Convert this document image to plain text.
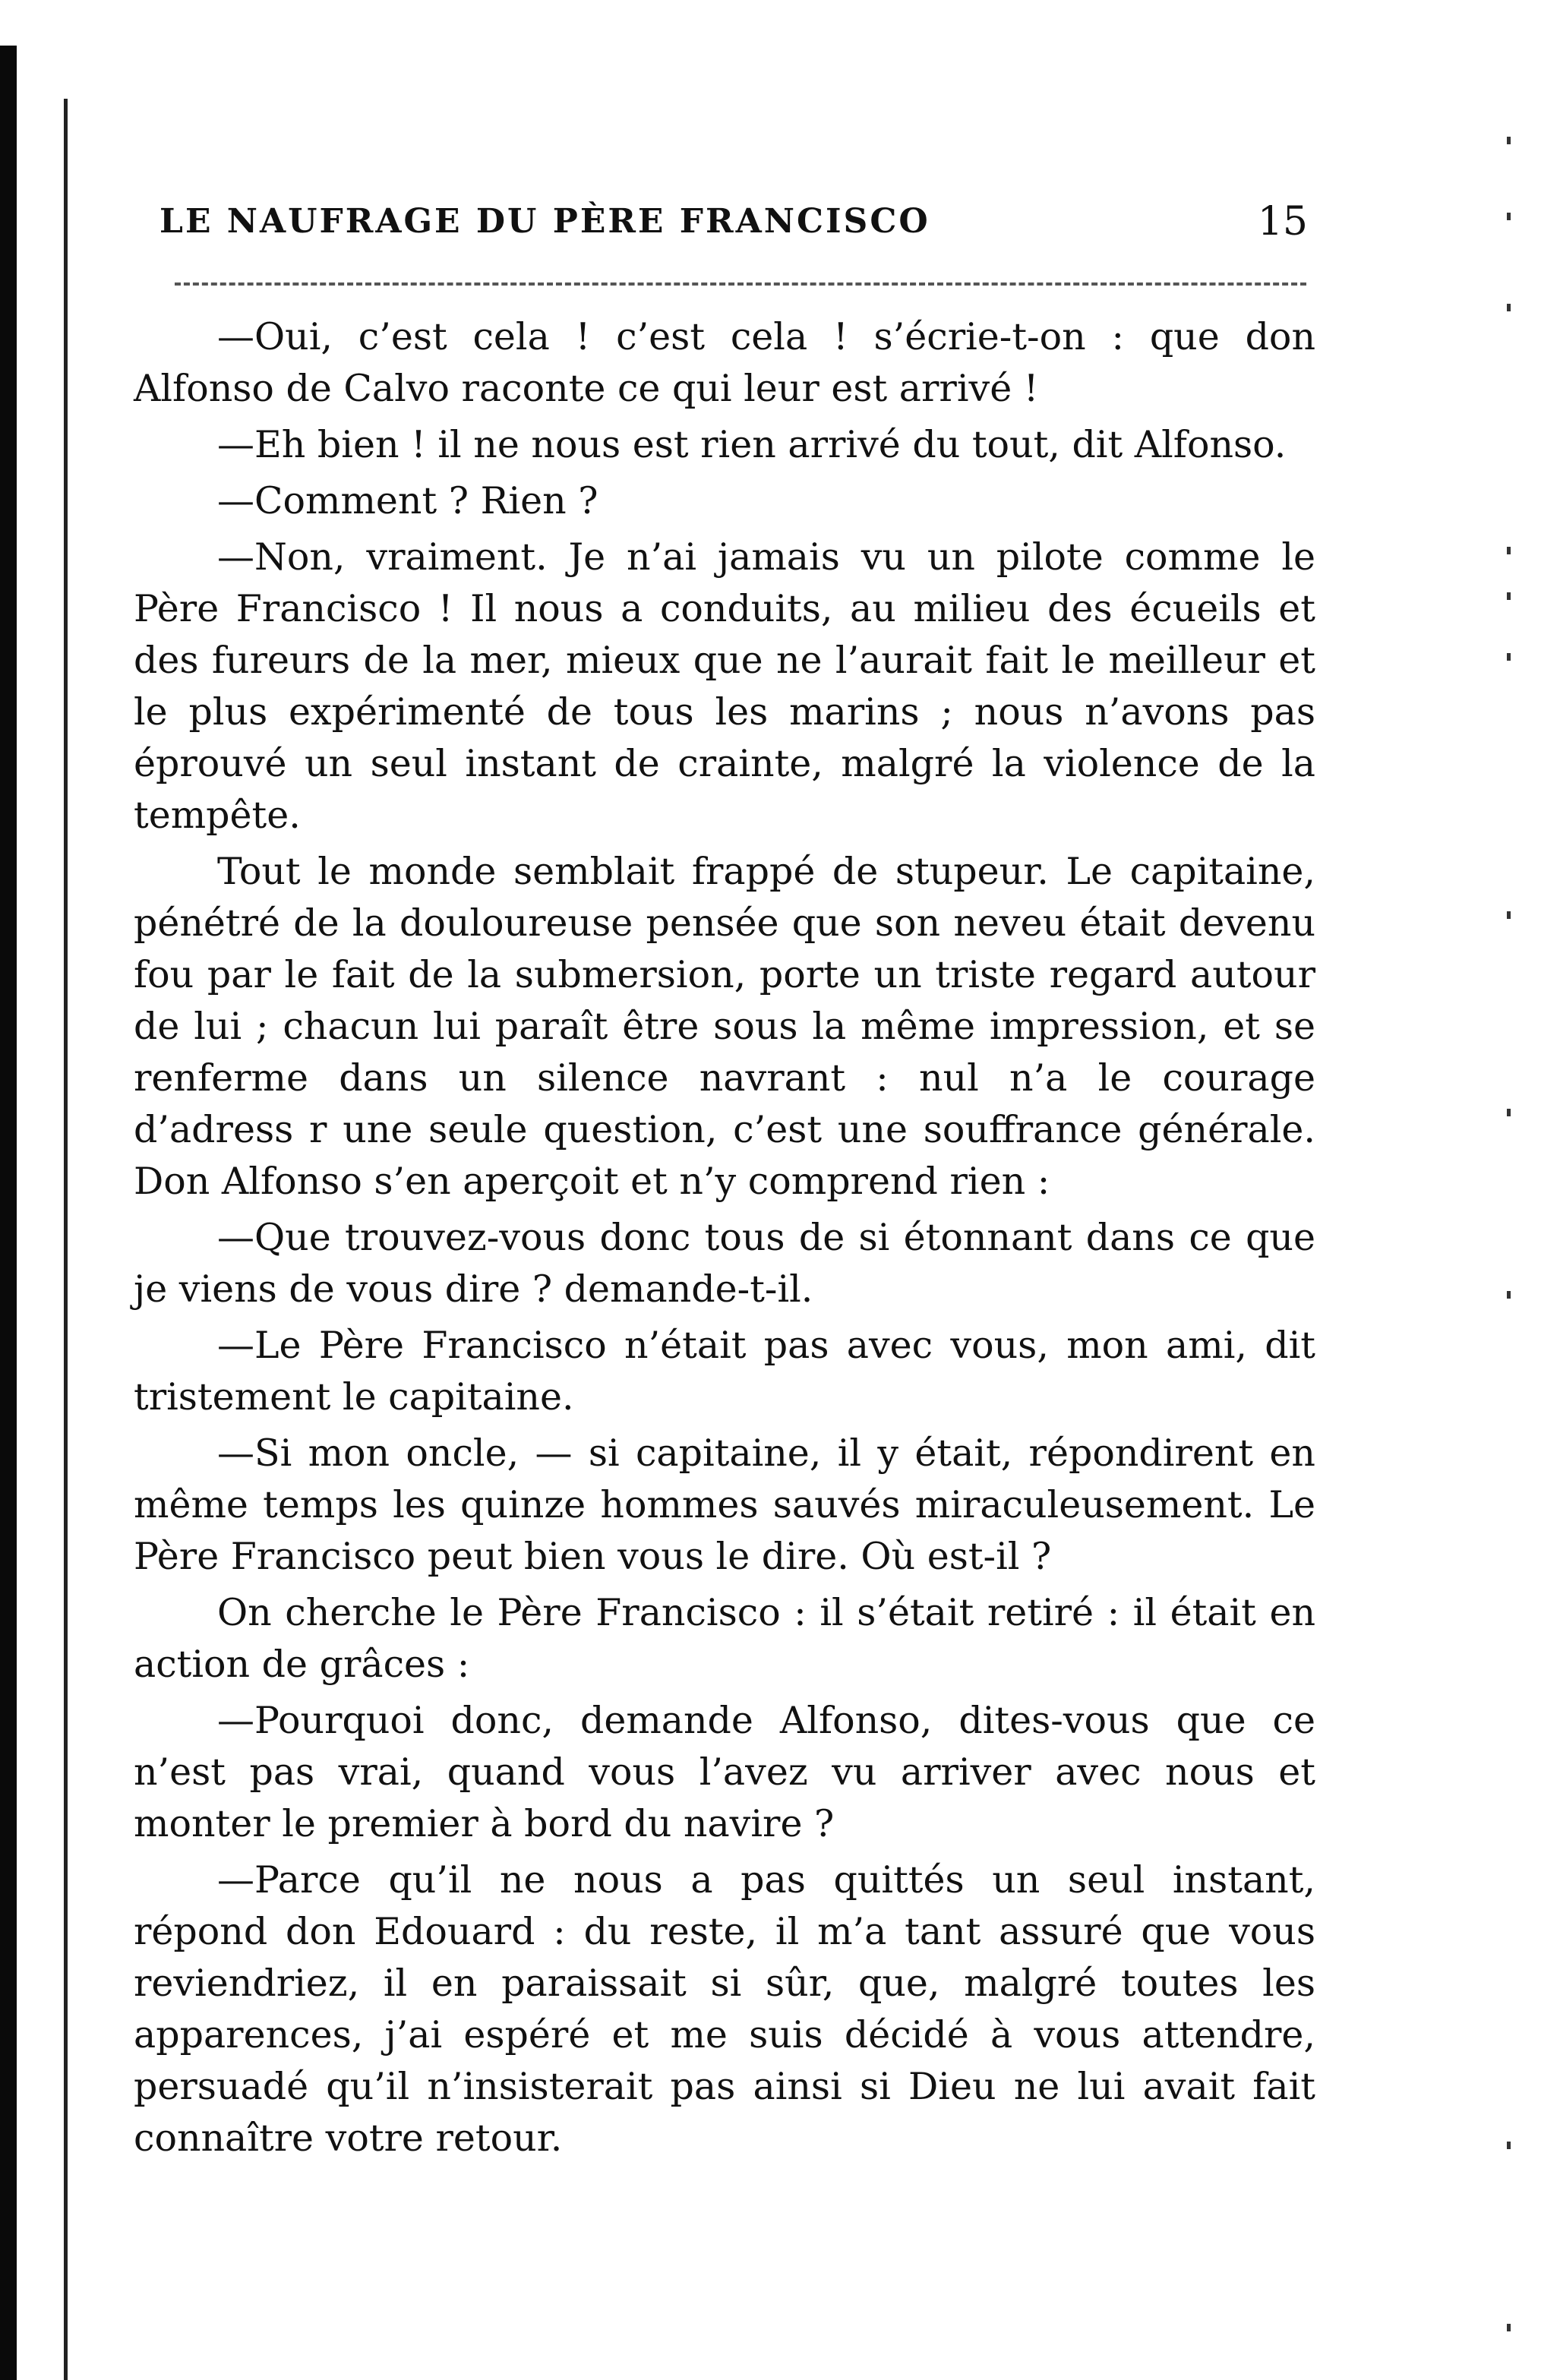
LE NAUFRAGE DU PÈRE FRANCISCO	15

—Oui, c’est cela ! c’est cela ! s’écrie-t-on : que don Alfonso de Calvo raconte ce qui leur est arrivé !

—Eh bien ! il ne nous est rien arrivé du tout, dit Alfonso.

—Comment ? Rien ?

—Non, vraiment. Je n’ai jamais vu un pilote comme le Père Francisco ! Il nous a conduits, au milieu des écueils et des fureurs de la mer, mieux que ne l’aurait fait le meilleur et le plus expérimenté de tous les marins ; nous n’avons pas éprouvé un seul instant de crainte, malgré la violence de la tempête.

Tout le monde semblait frappé de stupeur. Le capitaine, pénétré de la douloureuse pensée que son neveu était devenu fou par le fait de la submersion, porte un triste regard autour de lui ; chacun lui paraît être sous la même impression, et se renferme dans un silence navrant : nul n’a le courage d’adress r une seule question, c’est une souffrance générale. Don Alfonso s’en aperçoit et n’y comprend rien :

—Que trouvez-vous donc tous de si étonnant dans ce que je viens de vous dire ? demande-t-il.

—Le Père Francisco n’était pas avec vous, mon ami, dit tristement le capitaine.

—Si mon oncle, — si capitaine, il y était, répondirent en même temps les quinze hommes sauvés miraculeusement. Le Père Francisco peut bien vous le dire. Où est-il ?

On cherche le Père Francisco : il s’était retiré : il était en action de grâces :

—Pourquoi donc, demande Alfonso, dites-vous que ce n’est pas vrai, quand vous l’avez vu arriver avec nous et monter le premier à bord du navire ?

—Parce qu’il ne nous a pas quittés un seul instant, répond don Edouard : du reste, il m’a tant assuré que vous reviendriez, il en paraissait si sûr, que, malgré toutes les apparences, j’ai espéré et me suis décidé à vous attendre, persuadé qu’il n’insisterait pas ainsi si Dieu ne lui avait fait connaître votre retour.
